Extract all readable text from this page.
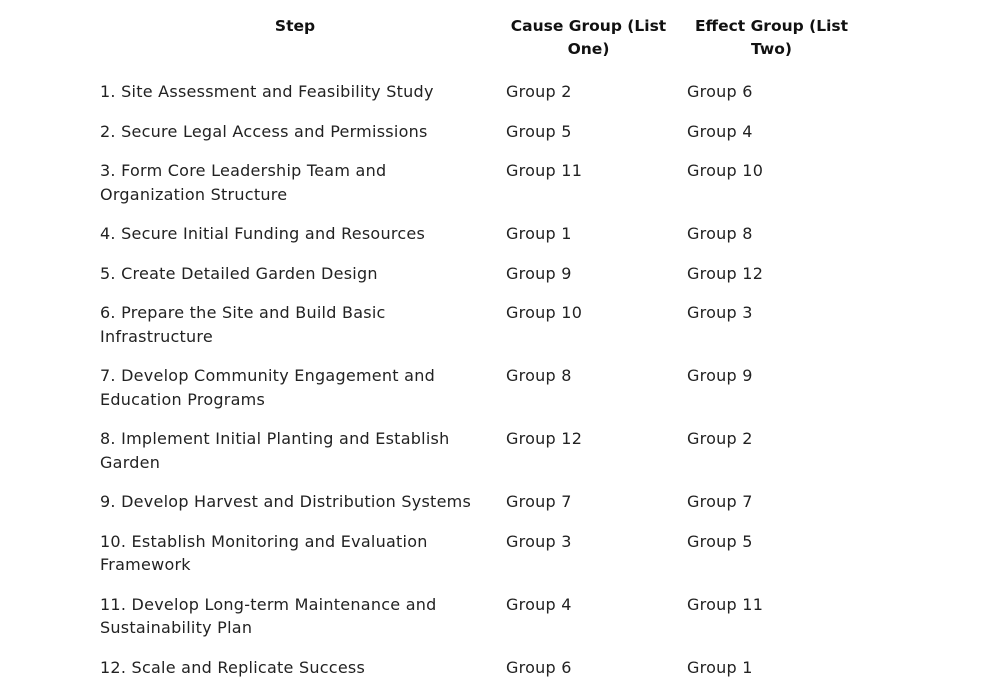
Step	Cause Group (List One)	Effect Group (List Two)
1. Site Assessment and Feasibility Study	Group 2	Group 6
2. Secure Legal Access and Permissions	Group 5	Group 4
3. Form Core Leadership Team and Organization Structure	Group 11	Group 10
4. Secure Initial Funding and Resources	Group 1	Group 8
5. Create Detailed Garden Design	Group 9	Group 12
6. Prepare the Site and Build Basic Infrastructure	Group 10	Group 3
7. Develop Community Engagement and Education Programs	Group 8	Group 9
8. Implement Initial Planting and Establish Garden	Group 12	Group 2
9. Develop Harvest and Distribution Systems	Group 7	Group 7
10. Establish Monitoring and Evaluation Framework	Group 3	Group 5
11. Develop Long-term Maintenance and Sustainability Plan	Group 4	Group 11
12. Scale and Replicate Success	Group 6	Group 1
